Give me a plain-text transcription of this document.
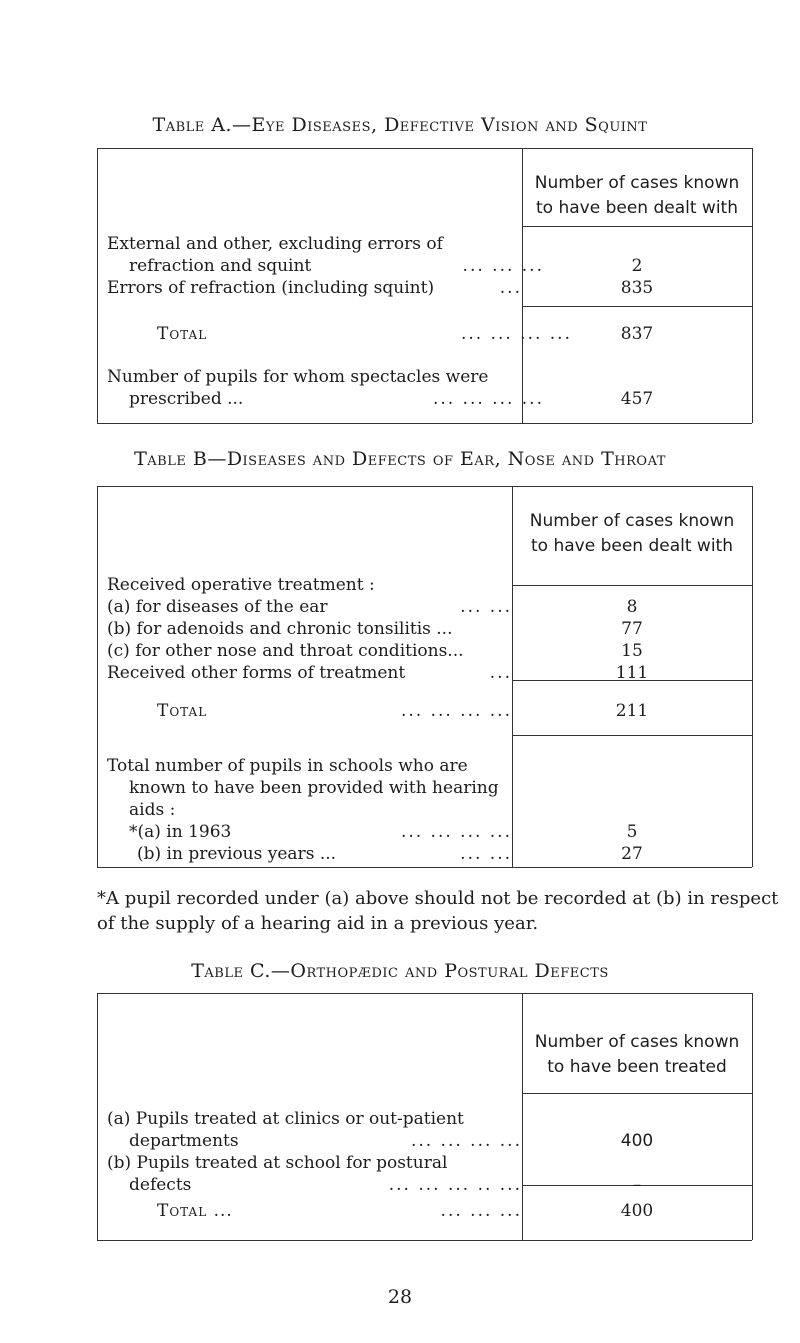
Table A.—Eye Diseases, Defective Vision and Squint
Number of cases known
to have been dealt with
External and other, excluding errors of
refraction and squint	... ... ...	2
Errors of refraction (including squint)	...	835
Total	... ... ... ...	837
Number of pupils for whom spectacles were
prescribed ...	... ... ... ...	457
Table B—Diseases and Defects of Ear, Nose and Throat
Number of cases known
to have been dealt with
Received operative treatment :
(a) for diseases of the ear	... ...	8
(b) for adenoids and chronic tonsilitis ...	77
(c) for other nose and throat conditions...	15
Received other forms of treatment	...	111
Total	... ... ... ...	211
Total number of pupils in schools who are
known to have been provided with hearing
aids :
*(a) in 1963	... ... ... ...	5
(b) in previous years ...	... ...	27
*A pupil recorded under (a) above should not be recorded at (b) in respect of the supply of a hearing aid in a previous year.
Table C.—Orthopædic and Postural Defects
Number of cases known
to have been treated
(a) Pupils treated at clinics or out-patient
departments	... ... ... ...	400
(b) Pupils treated at school for postural
defects	... ... ... .. ...	–
Total ...	... ... ...	400
28
